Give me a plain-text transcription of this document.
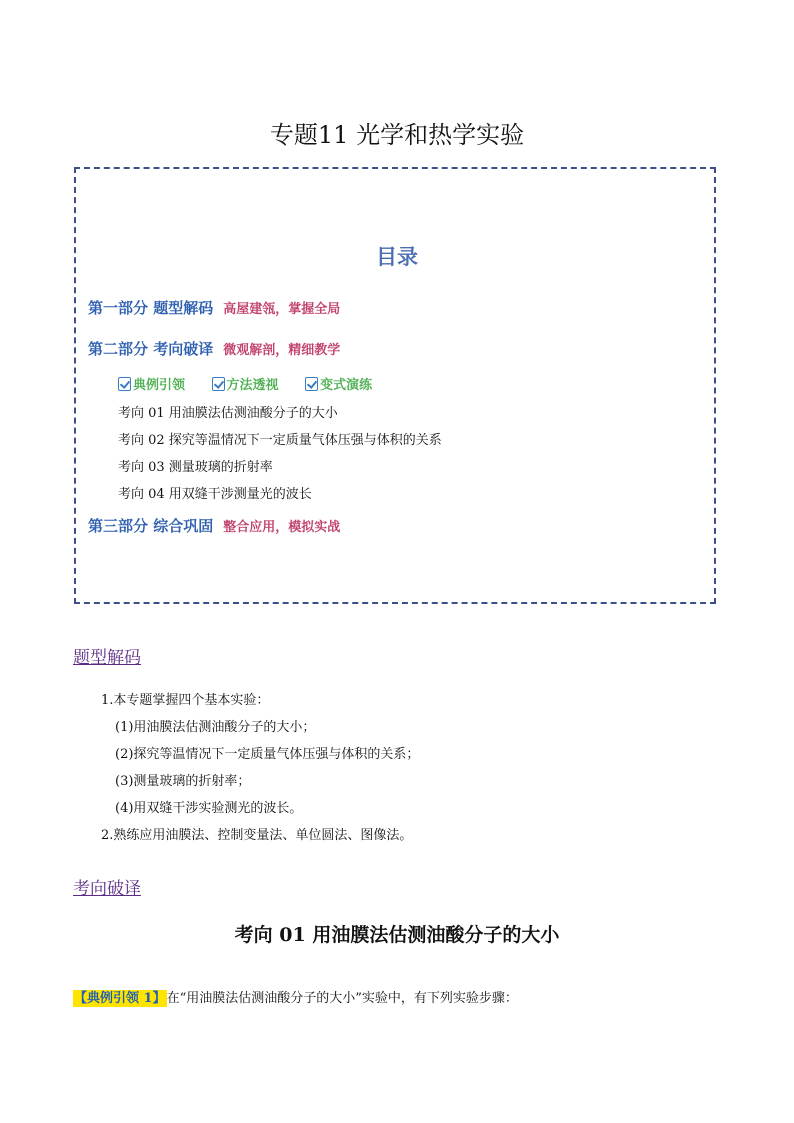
专题11 光学和热学实验
目录
第一部分 题型解码 高屋建瓴，掌握全局
第二部分 考向破译 微观解剖，精细教学
典例引领	方法透视	变式演练
考向 01 用油膜法估测油酸分子的大小
考向 02 探究等温情况下一定质量气体压强与体积的关系
考向 03 测量玻璃的折射率
考向 04 用双缝干涉测量光的波长
第三部分 综合巩固 整合应用，模拟实战
题型解码
1.本专题掌握四个基本实验：
(1)用油膜法估测油酸分子的大小；
(2)探究等温情况下一定质量气体压强与体积的关系；
(3)测量玻璃的折射率；
(4)用双缝干涉实验测光的波长。
2.熟练应用油膜法、控制变量法、单位圆法、图像法。
考向破译
考向 01 用油膜法估测油酸分子的大小
【典例引领 1】在“用油膜法估测油酸分子的大小”实验中，有下列实验步骤：
